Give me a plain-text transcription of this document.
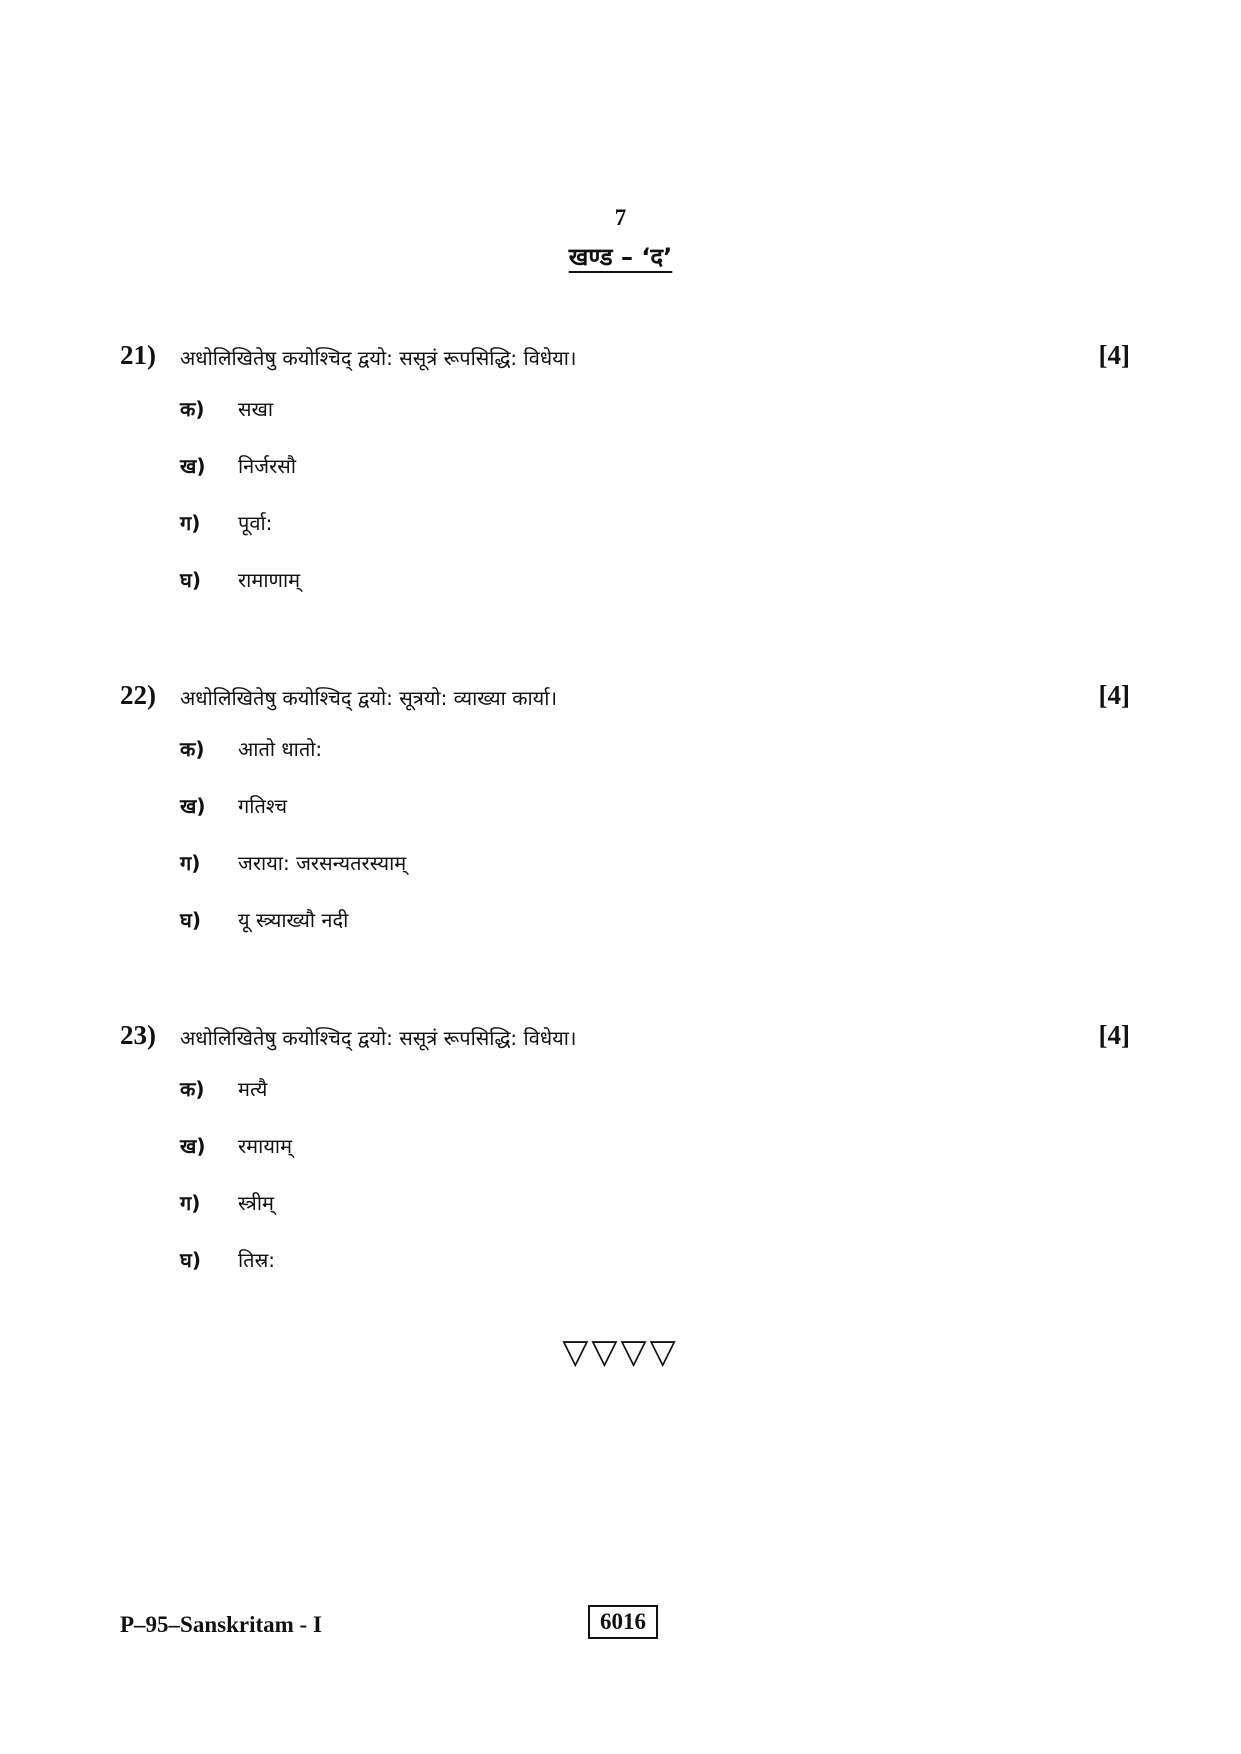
7
खण्ड – ‘द’
21) अधोलिखितेषु कयोश्चिद् द्वयो: ससूत्रं रूपसिद्धि: विधेया।	[4]
क) सखा
ख) निर्जरसौ
ग) पूर्वा:
घ) रामाणाम्
22) अधोलिखितेषु कयोश्चिद् द्वयो: सूत्रयो: व्याख्या कार्या।	[4]
क) आतो धातो:
ख) गतिश्च
ग) जराया: जरसन्यतरस्याम्
घ) यू स्त्र्याख्यौ नदी
23) अधोलिखितेषु कयोश्चिद् द्वयो: ससूत्रं रूपसिद्धि: विधेया।	[4]
क) मत्यै
ख) रमायाम्
ग) स्त्रीम्
घ) तिस्र:
▽▽▽▽
P–95–Sanskritam - I	6016
